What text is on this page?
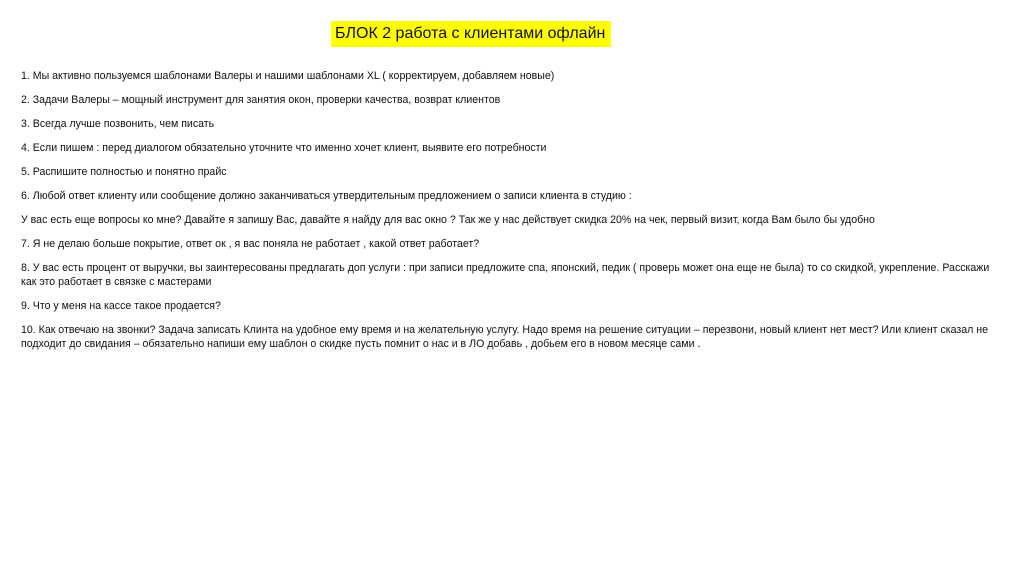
БЛОК 2 работа с клиентами офлайн
1. Мы активно пользуемся шаблонами Валеры и нашими шаблонами XL ( корректируем, добавляем новые)
2. Задачи Валеры – мощный инструмент для занятия окон, проверки качества, возврат клиентов
3. Всегда лучше позвонить, чем писать
4. Если пишем : перед диалогом обязательно уточните что именно хочет клиент, выявите его потребности
5. Распишите полностью и понятно прайс
6. Любой ответ клиенту или сообщение должно заканчиваться утвердительным предложением о записи клиента в студию :
У вас есть еще вопросы ко мне? Давайте я запишу Вас, давайте я найду для вас окно ? Так же у нас действует скидка 20% на чек, первый визит, когда Вам было бы удобно
7. Я не делаю больше покрытие, ответ ок , я вас поняла не работает , какой ответ работает?
8. У вас есть процент от выручки, вы заинтересованы предлагать доп услуги : при записи предложите спа, японский, педик ( проверь может она еще не была) то со скидкой, укрепление. Расскажи как это работает в связке с мастерами
9. Что у меня на кассе такое продается?
10. Как отвечаю на звонки? Задача записать Клинта на удобное ему время и на желательную услугу. Надо время на решение ситуации – перезвони, новый клиент нет мест? Или клиент сказал не подходит до свидания – обязательно напиши ему шаблон о скидке пусть помнит о нас и в ЛО добавь , добьем его в новом месяце сами .
